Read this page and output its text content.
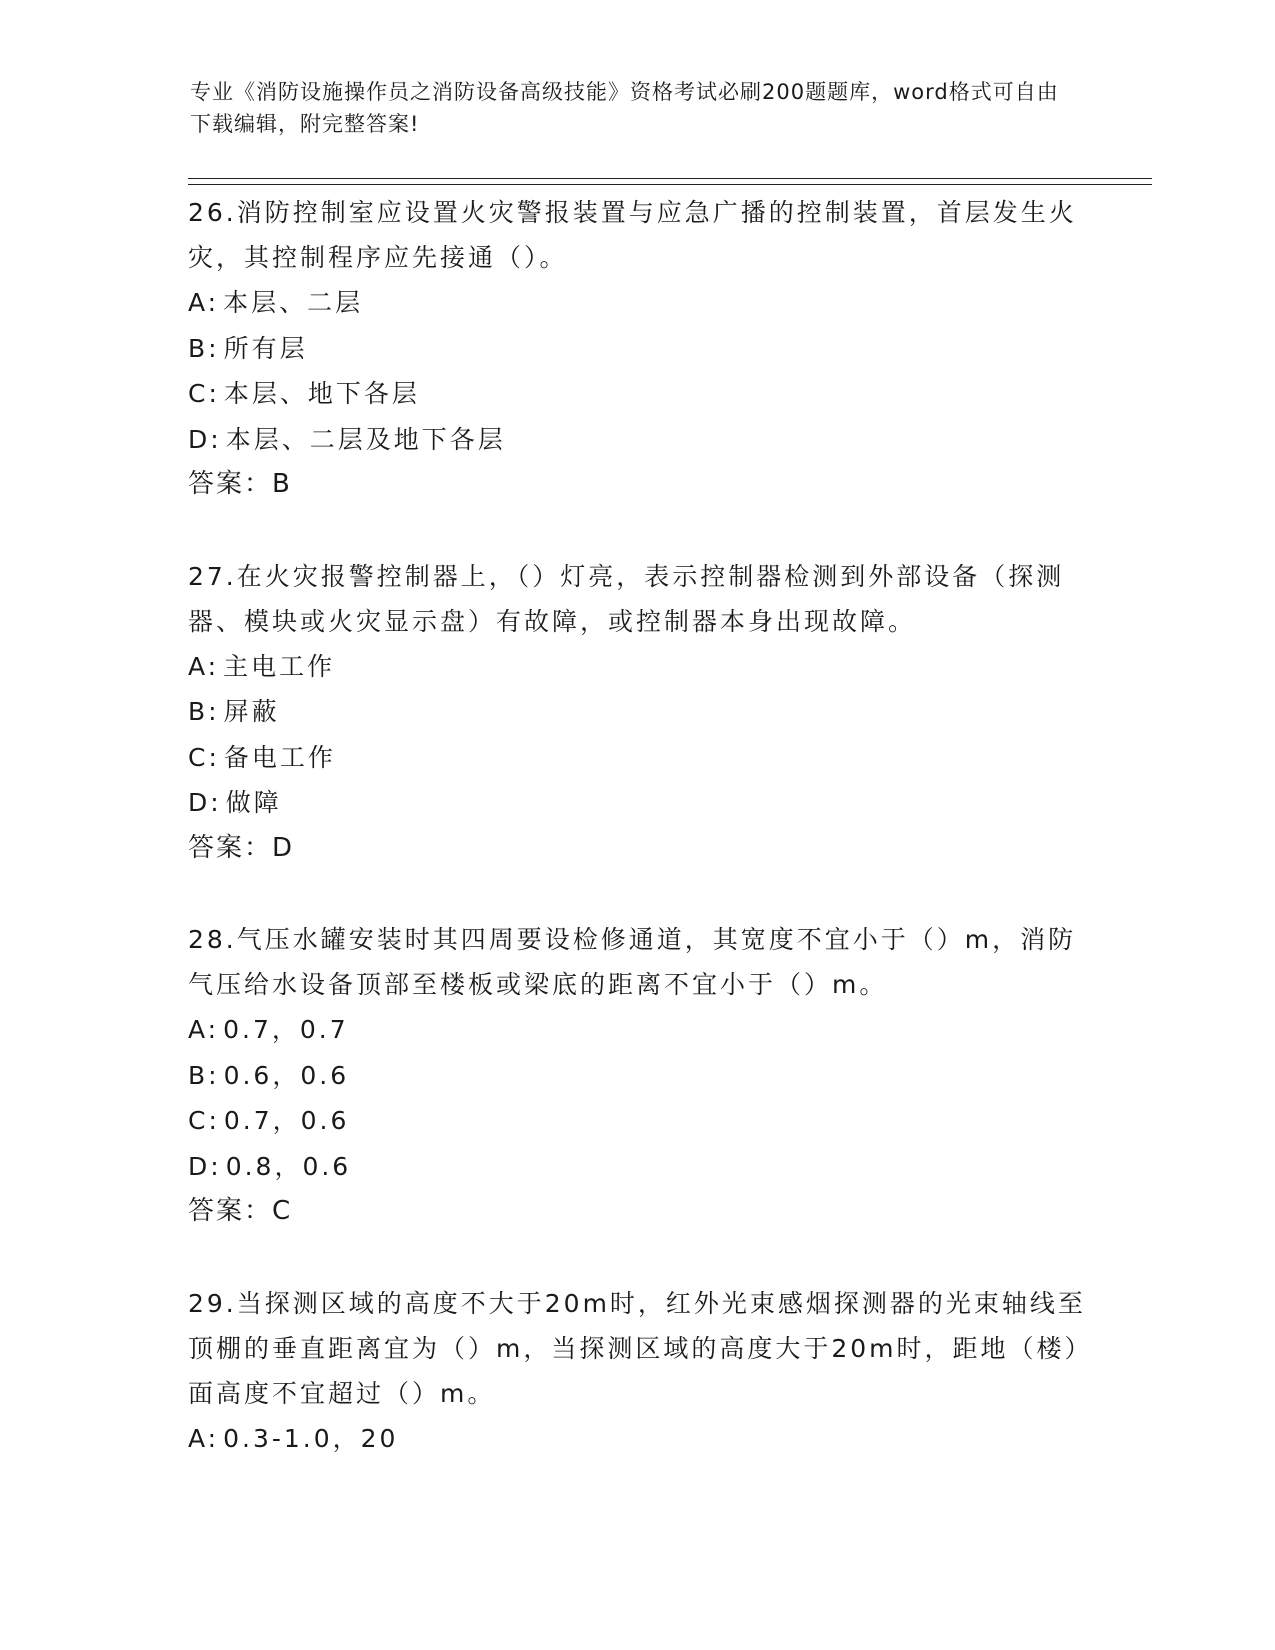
专业《消防设施操作员之消防设备高级技能》资格考试必刷200题题库，word格式可自由下载编辑，附完整答案!

26.消防控制室应设置火灾警报装置与应急广播的控制装置，首层发生火灾，其控制程序应先接通（）。

A: 本层、二层

B: 所有层

C: 本层、地下各层

D: 本层、二层及地下各层

答案：B

27.在火灾报警控制器上，（）灯亮，表示控制器检测到外部设备（探测器、模块或火灾显示盘）有故障，或控制器本身出现故障。

A: 主电工作

B: 屏蔽

C: 备电工作

D: 做障

答案：D

28.气压水罐安装时其四周要设检修通道，其宽度不宜小于（）m，消防气压给水设备顶部至楼板或梁底的距离不宜小于（）m。

A: 0.7，0.7

B: 0.6，0.6

C: 0.7，0.6

D: 0.8，0.6

答案：C

29.当探测区域的高度不大于20m时，红外光束感烟探测器的光束轴线至顶棚的垂直距离宜为（）m，当探测区域的高度大于20m时，距地（楼）面高度不宜超过（）m。

A: 0.3-1.0，20
